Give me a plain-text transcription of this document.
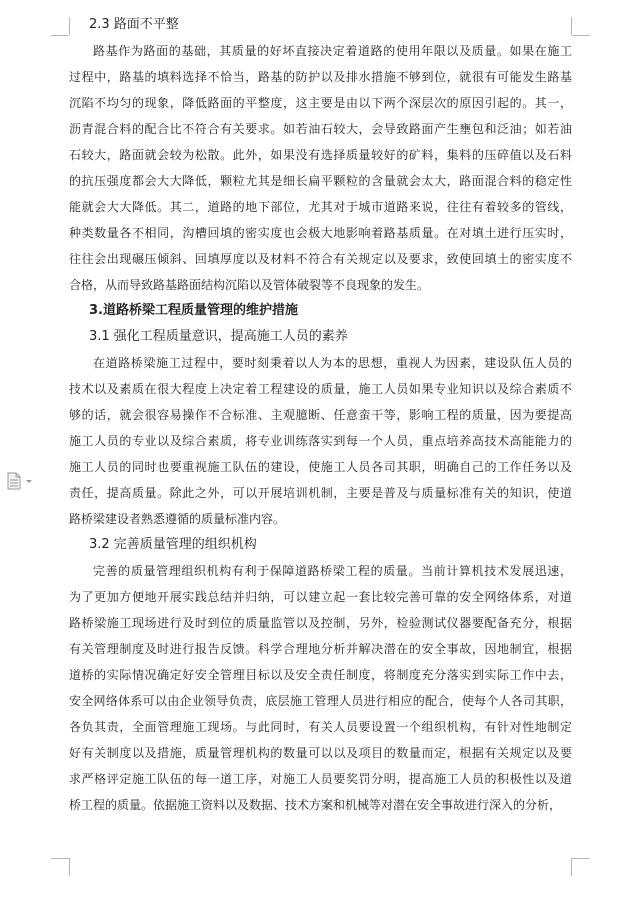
2.3 路面不平整
路基作为路面的基础，其质量的好坏直接决定着道路的使用年限以及质量。如果在施工
过程中，路基的填料选择不恰当，路基的防护以及排水措施不够到位，就很有可能发生路基
沉陷不均匀的现象，降低路面的平整度，这主要是由以下两个深层次的原因引起的。其一，
沥青混合料的配合比不符合有关要求。如若油石较大，会导致路面产生壅包和泛油；如若油
石较大，路面就会较为松散。此外，如果没有选择质量较好的矿料，集料的压碎值以及石料
的抗压强度都会大大降低，颗粒尤其是细长扁平颗粒的含量就会太大，路面混合料的稳定性
能就会大大降低。其二，道路的地下部位，尤其对于城市道路来说，往往有着较多的管线，
种类数量各不相同，沟槽回填的密实度也会极大地影响着路基质量。在对填土进行压实时，
往往会出现碾压倾斜、回填厚度以及材料不符合有关规定以及要求，致使回填土的密实度不
合格，从而导致路基路面结构沉陷以及管体破裂等不良现象的发生。
3.道路桥梁工程质量管理的维护措施
3.1 强化工程质量意识，提高施工人员的素养
在道路桥梁施工过程中，要时刻秉着以人为本的思想，重视人为因素，建设队伍人员的
技术以及素质在很大程度上决定着工程建设的质量，施工人员如果专业知识以及综合素质不
够的话，就会很容易操作不合标准、主观臆断、任意蛮干等，影响工程的质量，因为要提高
施工人员的专业以及综合素质，将专业训练落实到每一个人员，重点培养高技术高能能力的
施工人员的同时也要重视施工队伍的建设，使施工人员各司其职，明确自己的工作任务以及
责任，提高质量。除此之外，可以开展培训机制，主要是普及与质量标准有关的知识，使道
路桥梁建设者熟悉遵循的质量标准内容。
3.2 完善质量管理的组织机构
完善的质量管理组织机构有利于保障道路桥梁工程的质量。当前计算机技术发展迅速，
为了更加方便地开展实践总结并归纳，可以建立起一套比较完善可靠的安全网络体系，对道
路桥梁施工现场进行及时到位的质量监管以及控制，另外，检验测试仪器要配备充分，根据
有关管理制度及时进行报告反馈。科学合理地分析并解决潜在的安全事故，因地制宜，根据
道桥的实际情况确定好安全管理目标以及安全责任制度，将制度充分落实到实际工作中去，
安全网络体系可以由企业领导负责，底层施工管理人员进行相应的配合，使每个人各司其职，
各负其责，全面管理施工现场。与此同时，有关人员要设置一个组织机构，有针对性地制定
好有关制度以及措施，质量管理机构的数量可以以及项目的数量而定，根据有关规定以及要
求严格评定施工队伍的每一道工序，对施工人员要奖罚分明，提高施工人员的积极性以及道
桥工程的质量。依据施工资料以及数据、技术方案和机械等对潜在安全事故进行深入的分析，
